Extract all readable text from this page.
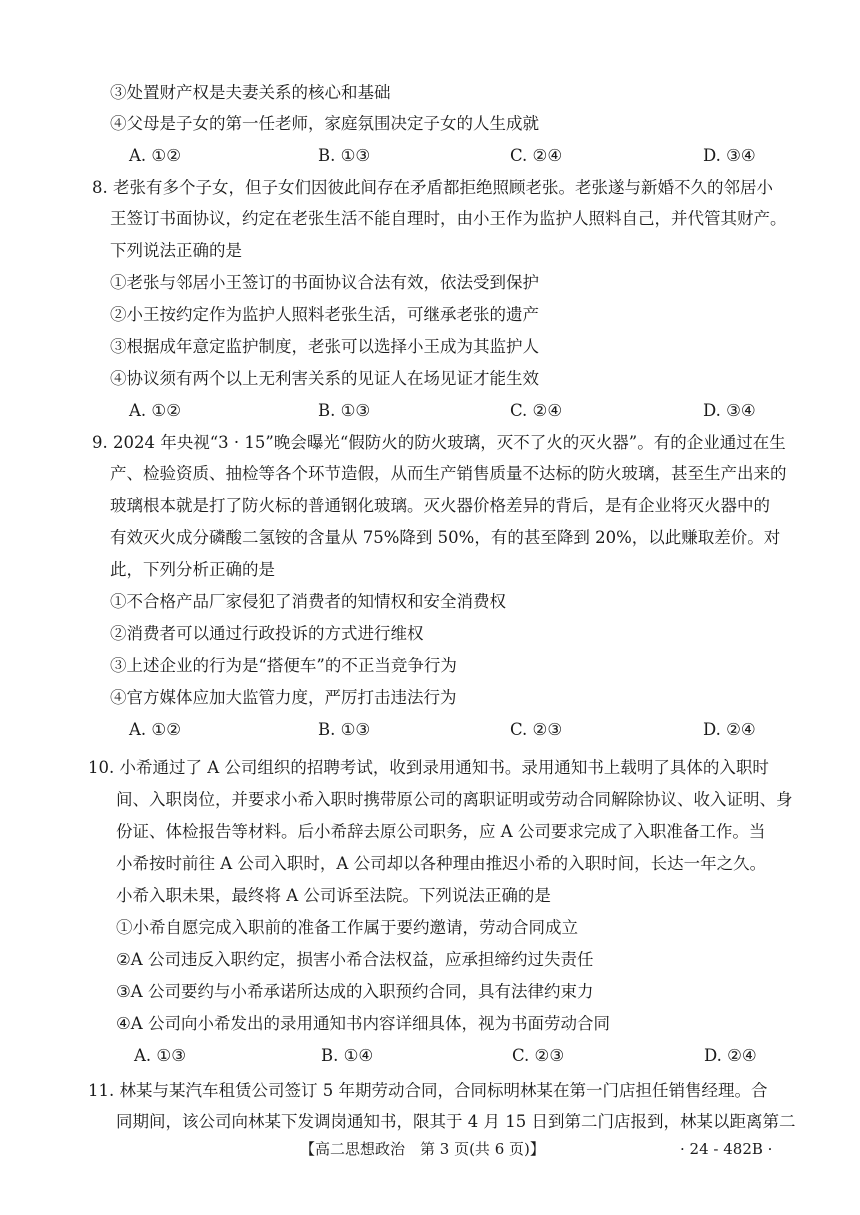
③处置财产权是夫妻关系的核心和基础
④父母是子女的第一任老师，家庭氛围决定子女的人生成就
A. ①②	B. ①③	C. ②④	D. ③④
8. 老张有多个子女，但子女们因彼此间存在矛盾都拒绝照顾老张。老张遂与新婚不久的邻居小
王签订书面协议，约定在老张生活不能自理时，由小王作为监护人照料自己，并代管其财产。
下列说法正确的是
①老张与邻居小王签订的书面协议合法有效，依法受到保护
②小王按约定作为监护人照料老张生活，可继承老张的遗产
③根据成年意定监护制度，老张可以选择小王成为其监护人
④协议须有两个以上无利害关系的见证人在场见证才能生效
A. ①②	B. ①③	C. ②④	D. ③④
9. 2024 年央视“3 · 15”晚会曝光“假防火的防火玻璃，灭不了火的灭火器”。有的企业通过在生
产、检验资质、抽检等各个环节造假，从而生产销售质量不达标的防火玻璃，甚至生产出来的
玻璃根本就是打了防火标的普通钢化玻璃。灭火器价格差异的背后，是有企业将灭火器中的
有效灭火成分磷酸二氢铵的含量从 75%降到 50%，有的甚至降到 20%，以此赚取差价。对
此，下列分析正确的是
①不合格产品厂家侵犯了消费者的知情权和安全消费权
②消费者可以通过行政投诉的方式进行维权
③上述企业的行为是“搭便车”的不正当竞争行为
④官方媒体应加大监管力度，严厉打击违法行为
A. ①②	B. ①③	C. ②③	D. ②④
10. 小希通过了 A 公司组织的招聘考试，收到录用通知书。录用通知书上载明了具体的入职时
间、入职岗位，并要求小希入职时携带原公司的离职证明或劳动合同解除协议、收入证明、身
份证、体检报告等材料。后小希辞去原公司职务，应 A 公司要求完成了入职准备工作。当
小希按时前往 A 公司入职时，A 公司却以各种理由推迟小希的入职时间，长达一年之久。
小希入职未果，最终将 A 公司诉至法院。下列说法正确的是
①小希自愿完成入职前的准备工作属于要约邀请，劳动合同成立
②A 公司违反入职约定，损害小希合法权益，应承担缔约过失责任
③A 公司要约与小希承诺所达成的入职预约合同，具有法律约束力
④A 公司向小希发出的录用通知书内容详细具体，视为书面劳动合同
A. ①③	B. ①④	C. ②③	D. ②④
11. 林某与某汽车租赁公司签订 5 年期劳动合同，合同标明林某在第一门店担任销售经理。合
同期间，该公司向林某下发调岗通知书，限其于 4 月 15 日到第二门店报到，林某以距离第二
【高二思想政治　第 3 页(共 6 页)】	· 24 - 482B ·
